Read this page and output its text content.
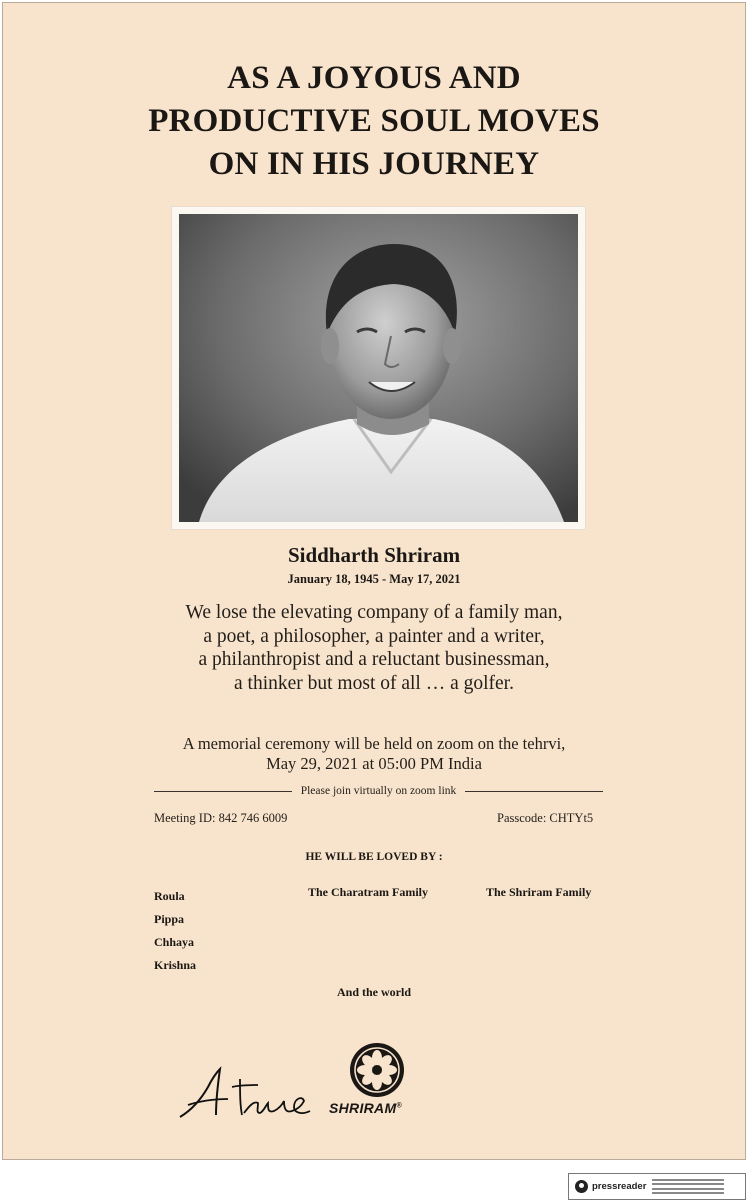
AS A JOYOUS AND
PRODUCTIVE SOUL MOVES
ON IN HIS JOURNEY
Siddharth Shriram
January 18, 1945 - May 17, 2021
We lose the elevating company of a family man,
a poet, a philosopher, a painter and a writer,
a philanthropist and a reluctant businessman,
a thinker but most of all … a golfer.
A memorial ceremony will be held on zoom on the tehrvi,
May 29, 2021 at 05:00 PM India
Please join virtually on zoom link
Meeting ID: 842 746 6009	Passcode: CHTYt5
HE WILL BE LOVED BY :
Roula
Pippa
Chhaya
Krishna
The Charatram Family	The Shriram Family
And the world
SHRIRAM®
pressreader
